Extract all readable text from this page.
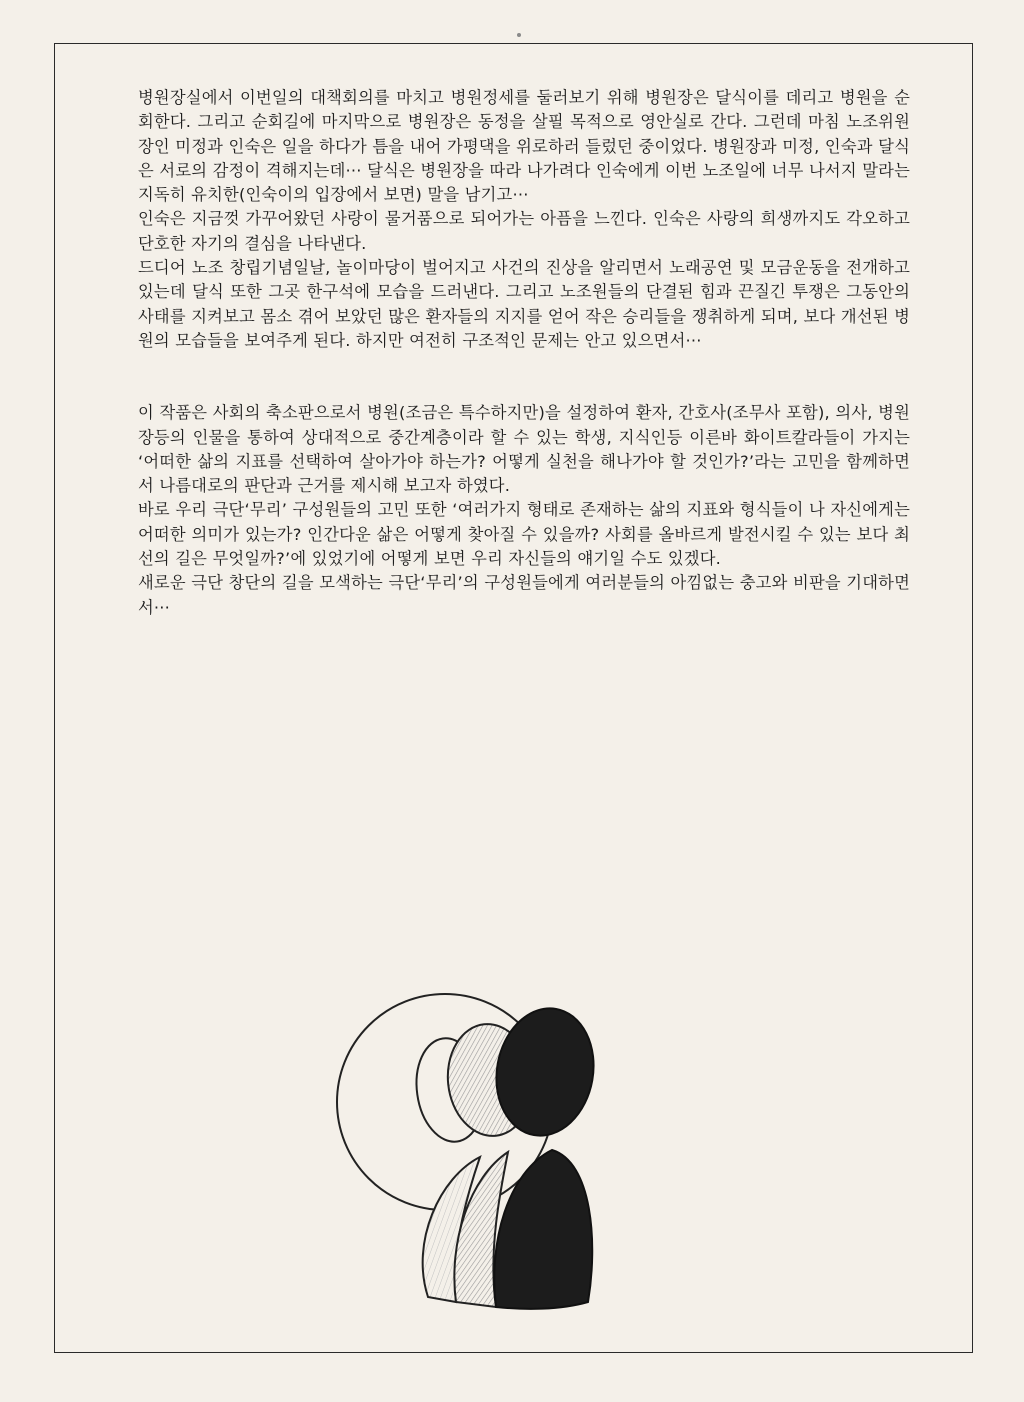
병원장실에서 이번일의 대책회의를 마치고 병원정세를 둘러보기 위해 병원장은 달식이를 데리고 병원을 순회한다. 그리고 순회길에 마지막으로 병원장은 동정을 살필 목적으로 영안실로 간다. 그런데 마침 노조위원장인 미정과 인숙은 일을 하다가 틈을 내어 가평댁을 위로하러 들렀던 중이었다. 병원장과 미정, 인숙과 달식은 서로의 감정이 격해지는데··· 달식은 병원장을 따라 나가려다 인숙에게 이번 노조일에 너무 나서지 말라는 지독히 유치한(인숙이의 입장에서 보면) 말을 남기고···

인숙은 지금껏 가꾸어왔던 사랑이 물거품으로 되어가는 아픔을 느낀다. 인숙은 사랑의 희생까지도 각오하고 단호한 자기의 결심을 나타낸다.

드디어 노조 창립기념일날, 놀이마당이 벌어지고 사건의 진상을 알리면서 노래공연 및 모금운동을 전개하고 있는데 달식 또한 그곳 한구석에 모습을 드러낸다. 그리고 노조원들의 단결된 힘과 끈질긴 투쟁은 그동안의 사태를 지켜보고 몸소 겪어 보았던 많은 환자들의 지지를 얻어 작은 승리들을 쟁취하게 되며, 보다 개선된 병원의 모습들을 보여주게 된다. 하지만 여전히 구조적인 문제는 안고 있으면서···

이 작품은 사회의 축소판으로서 병원(조금은 특수하지만)을 설정하여 환자, 간호사(조무사 포함), 의사, 병원장등의 인물을 통하여 상대적으로 중간계층이라 할 수 있는 학생, 지식인등 이른바 화이트칼라들이 가지는 ‘어떠한 삶의 지표를 선택하여 살아가야 하는가? 어떻게 실천을 해나가야 할 것인가?’라는 고민을 함께하면서 나름대로의 판단과 근거를 제시해 보고자 하였다.

바로 우리 극단‘무리’ 구성원들의 고민 또한 ‘여러가지 형태로 존재하는 삶의 지표와 형식들이 나 자신에게는 어떠한 의미가 있는가? 인간다운 삶은 어떻게 찾아질 수 있을까? 사회를 올바르게 발전시킬 수 있는 보다 최선의 길은 무엇일까?’에 있었기에 어떻게 보면 우리 자신들의 얘기일 수도 있겠다.

새로운 극단 창단의 길을 모색하는 극단‘무리’의 구성원들에게 여러분들의 아낌없는 충고와 비판을 기대하면서···
